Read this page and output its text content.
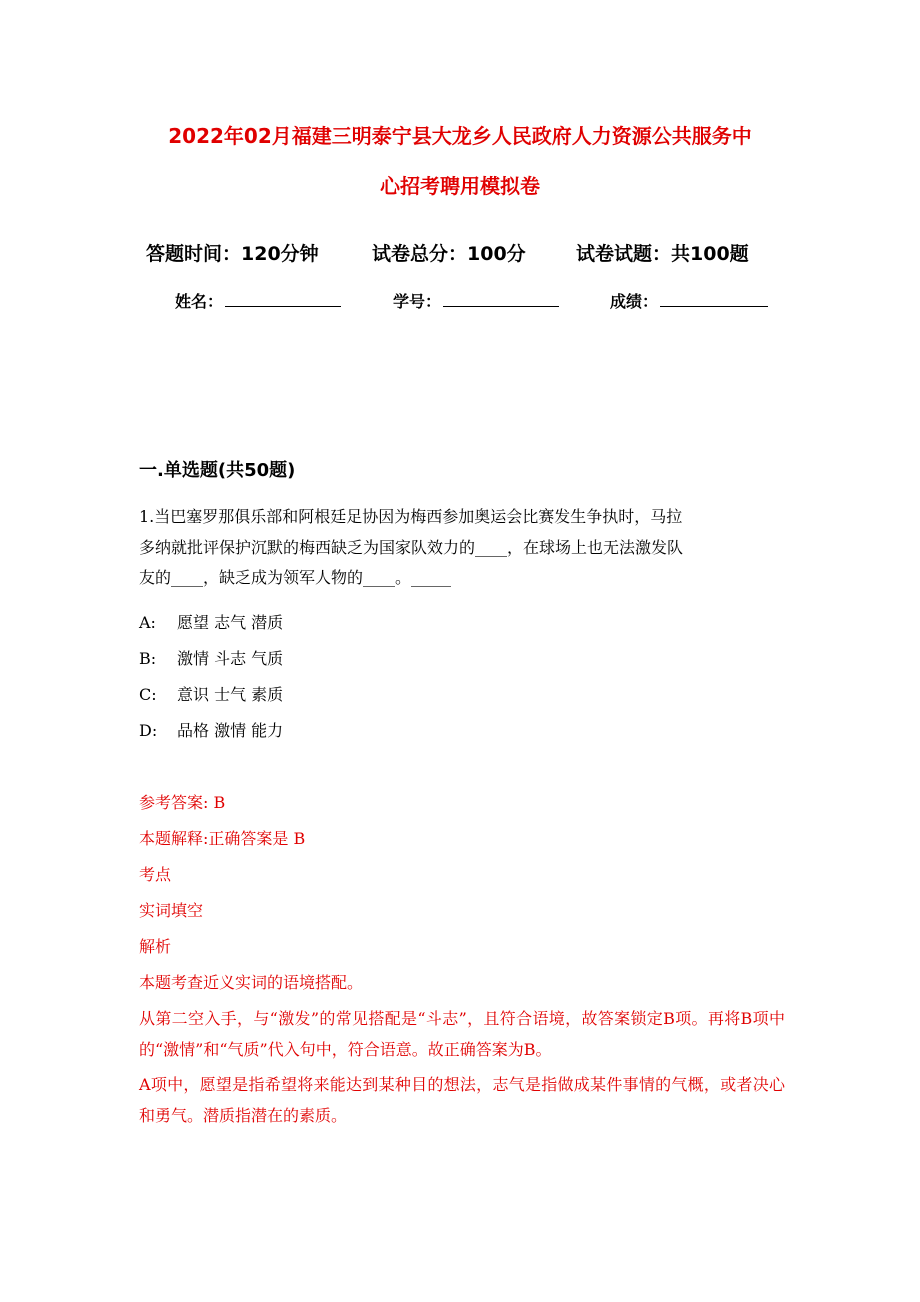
2022年02月福建三明泰宁县大龙乡人民政府人力资源公共服务中
心招考聘用模拟卷
答题时间：120分钟	试卷总分：100分	试卷试题：共100题
姓名：	学号：	成绩：
一.单选题(共50题)

1.当巴塞罗那俱乐部和阿根廷足协因为梅西参加奥运会比赛发生争执时，马拉

多纳就批评保护沉默的梅西缺乏为国家队效力的____，在球场上也无法激发队

友的____，缺乏成为领军人物的____。_____

A: 愿望 志气 潜质
B: 激情 斗志 气质
C: 意识 士气 素质
D: 品格 激情 能力
参考答案: B
本题解释:正确答案是 B
考点
实词填空
解析
本题考查近义实词的语境搭配。

从第二空入手，与“激发”的常见搭配是“斗志”，且符合语境，故答案锁定B项。再将B项中的“激情”和“气质”代入句中，符合语意。故正确答案为B。

A项中，愿望是指希望将来能达到某种目的想法，志气是指做成某件事情的气概，或者决心和勇气。潜质指潜在的素质。
